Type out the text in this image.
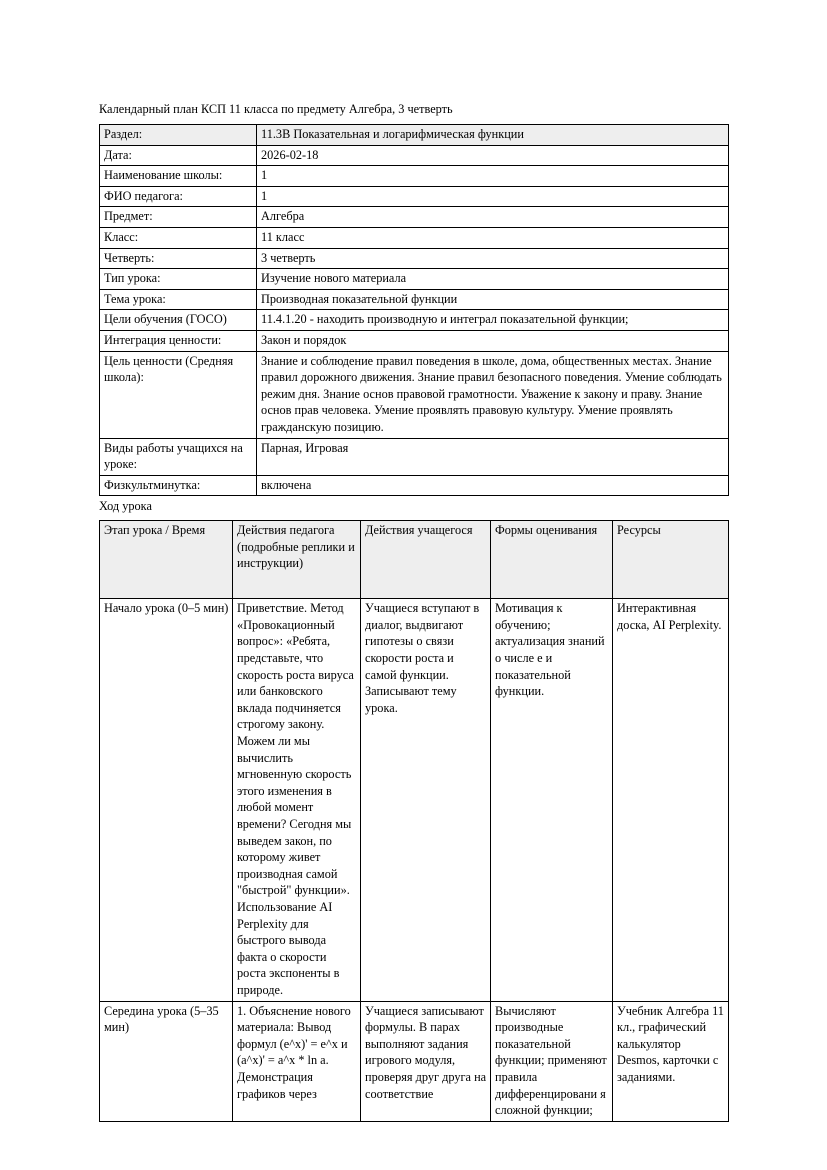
Календарный план КСП 11 класса по предмету Алгебра, 3 четверть

Раздел:	11.3B Показательная и логарифмическая функции
Дата:	2026-02-18
Наименование школы:	1
ФИО педагога:	1
Предмет:	Алгебра
Класс:	11 класс
Четверть:	3 четверть
Тип урока:	Изучение нового материала
Тема урока:	Производная показательной функции
Цели обучения (ГОСО)	11.4.1.20 - находить производную и интеграл показательной функции;
Интеграция ценности:	Закон и порядок
Цель ценности (Средняя школа):	Знание и соблюдение правил поведения в школе, дома, общественных местах. Знание правил дорожного движения. Знание правил безопасного поведения. Умение соблюдать режим дня. Знание основ правовой грамотности. Уважение к закону и праву. Знание основ прав человека. Умение проявлять правовую культуру. Умение проявлять гражданскую позицию.
Виды работы учащихся на уроке:	Парная, Игровая
Физкультминутка:	включена

Ход урока

Этап урока / Время	Действия педагога (подробные реплики и инструкции)	Действия учащегося	Формы оценивания	Ресурсы
Начало урока (0–5 мин)	Приветствие. Метод «Провокационный вопрос»: «Ребята, представьте, что скорость роста вируса или банковского вклада подчиняется строгому закону. Можем ли мы вычислить мгновенную скорость этого изменения в любой момент времени? Сегодня мы выведем закон, по которому живет производная самой "быстрой" функции». Использование AI Perplexity для быстрого вывода факта о скорости роста экспоненты в природе.	Учащиеся вступают в диалог, выдвигают гипотезы о связи скорости роста и самой функции. Записывают тему урока.	Мотивация к обучению; актуализация знаний о числе e и показательной функции.	Интерактивная доска, AI Perplexity.
Середина урока (5–35 мин)	1. Объяснение нового материала: Вывод формул (e^x)' = e^x и (a^x)' = a^x * ln a. Демонстрация графиков через	Учащиеся записывают формулы. В парах выполняют задания игрового модуля, проверяя друг друга на соответствие	Вычисляют производные показательной функции; применяют правила дифференцировани я сложной функции;	Учебник Алгебра 11 кл., графический калькулятор Desmos, карточки с заданиями.
